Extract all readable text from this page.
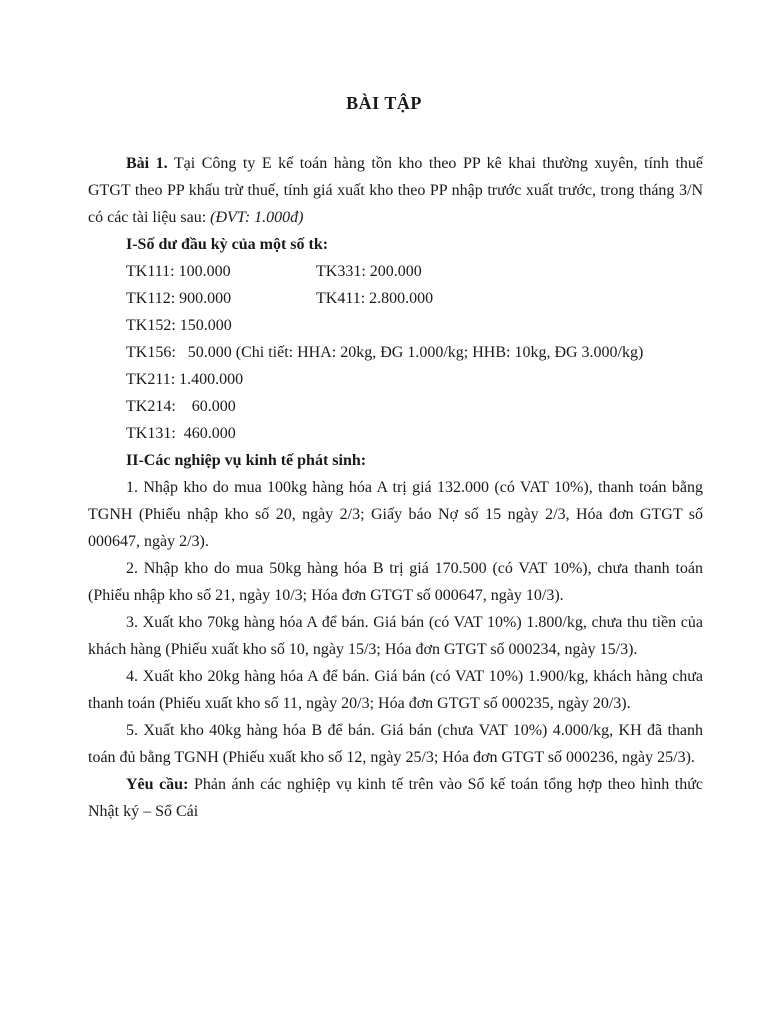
BÀI TẬP

Bài 1. Tại Công ty E kế toán hàng tồn kho theo PP kê khai thường xuyên, tính thuế GTGT theo PP khấu trừ thuế, tính giá xuất kho theo PP nhập trước xuất trước, trong tháng 3/N có các tài liệu sau: (ĐVT: 1.000đ)

I-Số dư đầu kỳ của một số tk:

TK111: 100.000	TK331: 200.000
TK112: 900.000	TK411: 2.800.000

TK152: 150.000

TK156:   50.000 (Chi tiết: HHA: 20kg, ĐG 1.000/kg; HHB: 10kg, ĐG 3.000/kg)

TK211: 1.400.000

TK214:    60.000

TK131:  460.000

II-Các nghiệp vụ kinh tế phát sinh:

1. Nhập kho do mua 100kg hàng hóa A trị giá 132.000 (có VAT 10%), thanh toán bằng TGNH (Phiếu nhập kho số 20, ngày 2/3; Giấy báo Nợ số 15 ngày 2/3, Hóa đơn GTGT số 000647, ngày 2/3).

2. Nhập kho do mua 50kg hàng hóa B trị giá 170.500 (có VAT 10%), chưa thanh toán (Phiếu nhập kho số 21, ngày 10/3; Hóa đơn GTGT số 000647, ngày 10/3).

3. Xuất kho 70kg hàng hóa A để bán. Giá bán (có VAT 10%) 1.800/kg, chưa thu tiền của khách hàng (Phiếu xuất kho số 10, ngày 15/3; Hóa đơn GTGT số 000234, ngày 15/3).

4. Xuất kho 20kg hàng hóa A để bán. Giá bán (có VAT 10%) 1.900/kg, khách hàng chưa thanh toán (Phiếu xuất kho số 11, ngày 20/3; Hóa đơn GTGT số 000235, ngày 20/3).

5. Xuất kho 40kg hàng hóa B để bán. Giá bán (chưa VAT 10%) 4.000/kg, KH đã thanh toán đủ bằng TGNH (Phiếu xuất kho số 12, ngày 25/3; Hóa đơn GTGT số 000236, ngày 25/3).

Yêu cầu: Phản ánh các nghiệp vụ kinh tế trên vào Sổ kế toán tổng hợp theo hình thức Nhật ký – Sổ Cái
